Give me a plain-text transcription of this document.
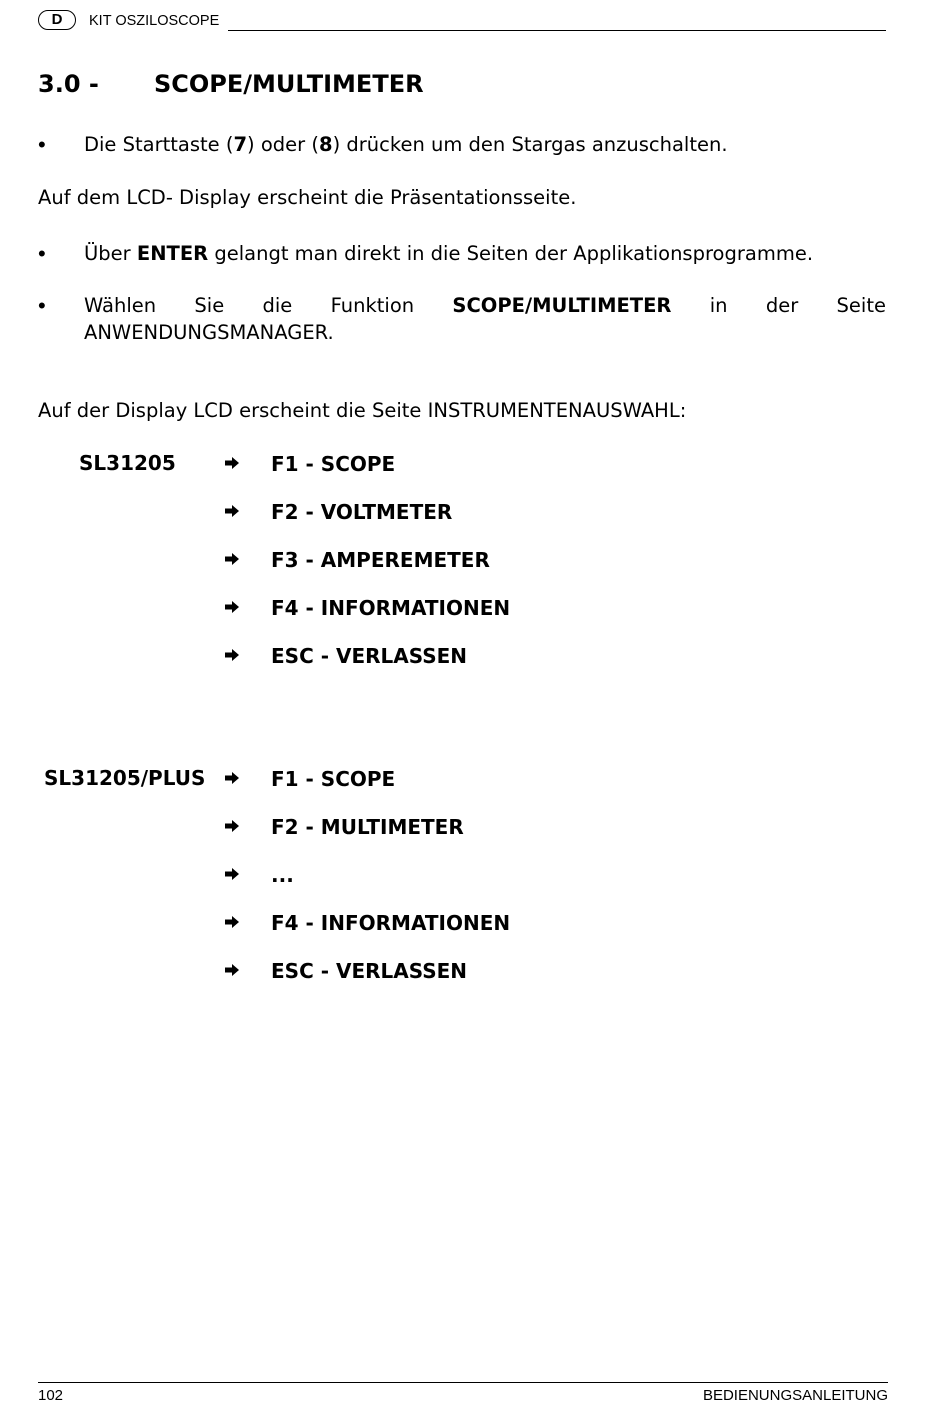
D	KIT OSZILOSCOPE
3.0 - SCOPE/MULTIMETER
• Die Starttaste (7) oder (8) drücken um den Stargas anzuschalten.
Auf dem LCD- Display erscheint die Präsentationsseite.
• Über ENTER gelangt man direkt in die Seiten der Applikationsprogramme.
• Wählen Sie die Funktion SCOPE/MULTIMETER in der Seite
ANWENDUNGSMANAGER.
Auf der Display LCD erscheint die Seite INSTRUMENTENAUSWAHL:
SL31205	F1 - SCOPE
F2 - VOLTMETER
F3 - AMPEREMETER
F4 - INFORMATIONEN
ESC - VERLASSEN
SL31205/PLUS	F1 - SCOPE
F2 - MULTIMETER
...
F4 - INFORMATIONEN
ESC - VERLASSEN
102	BEDIENUNGSANLEITUNG
